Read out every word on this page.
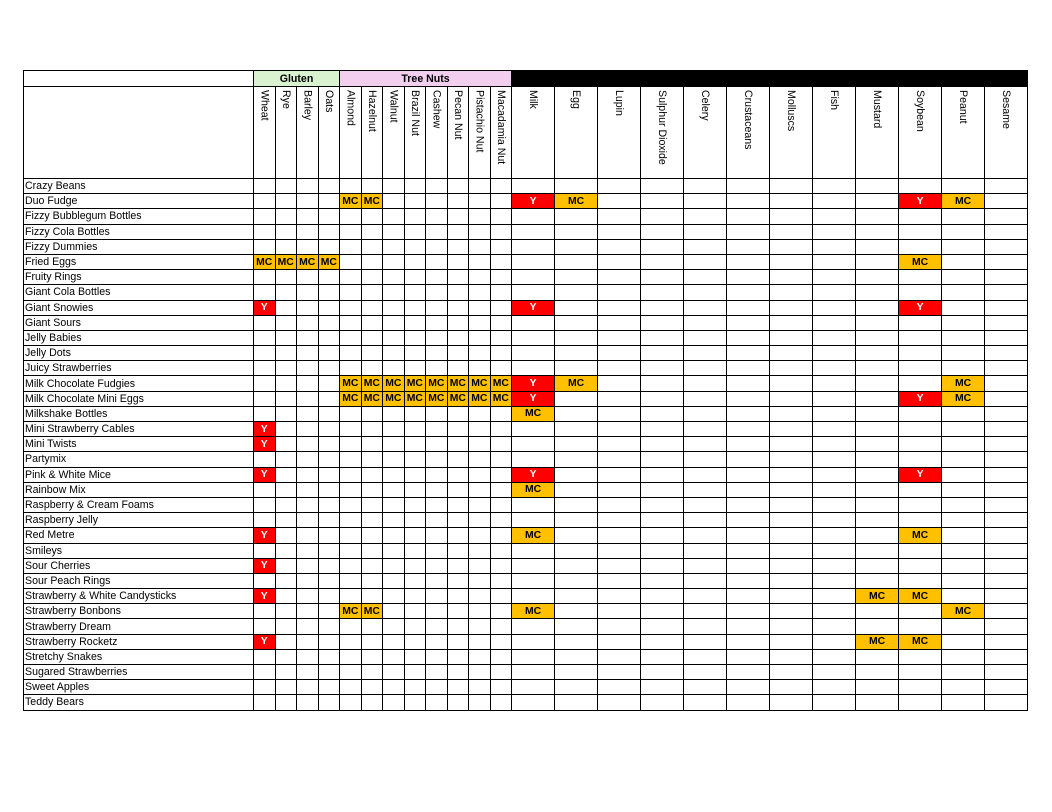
	Gluten				Tree Nuts																			
	Wheat	Rye	Barley	Oats	Almond	Hazelnut	Walnut	Brazil Nut	Cashew	Pecan Nut	Pistachio Nut	Macadamia Nut	Milk	Egg	Lupin	Sulphur Dioxide	Celery	Crustaceans	Molluscs	Fish	Mustard	Soybean	Peanut	Sesame
Crazy Beans																								
Duo Fudge					MC	MC							Y	MC								Y	MC	
Fizzy Bubblegum Bottles																								
Fizzy Cola Bottles																								
Fizzy Dummies																								
Fried Eggs	MC	MC	MC	MC																		MC		
Fruity Rings																								
Giant Cola Bottles																								
Giant Snowies	Y												Y									Y		
Giant Sours																								
Jelly Babies																								
Jelly Dots																								
Juicy Strawberries																								
Milk Chocolate Fudgies					MC	MC	MC	MC	MC	MC	MC	MC	Y	MC									MC	
Milk Chocolate Mini Eggs					MC	MC	MC	MC	MC	MC	MC	MC	Y									Y	MC	
Milkshake Bottles													MC											
Mini Strawberry Cables	Y																							
Mini Twists	Y																							
Partymix																								
Pink & White Mice	Y												Y									Y		
Rainbow Mix													MC											
Raspberry & Cream Foams																								
Raspberry Jelly																								
Red Metre	Y												MC									MC		
Smileys																								
Sour Cherries	Y																							
Sour Peach Rings																								
Strawberry & White Candysticks	Y																				MC	MC		
Strawberry Bonbons					MC	MC							MC										MC	
Strawberry Dream																								
Strawberry Rocketz	Y																				MC	MC		
Stretchy Snakes																								
Sugared Strawberries																								
Sweet Apples																								
Teddy Bears																								
